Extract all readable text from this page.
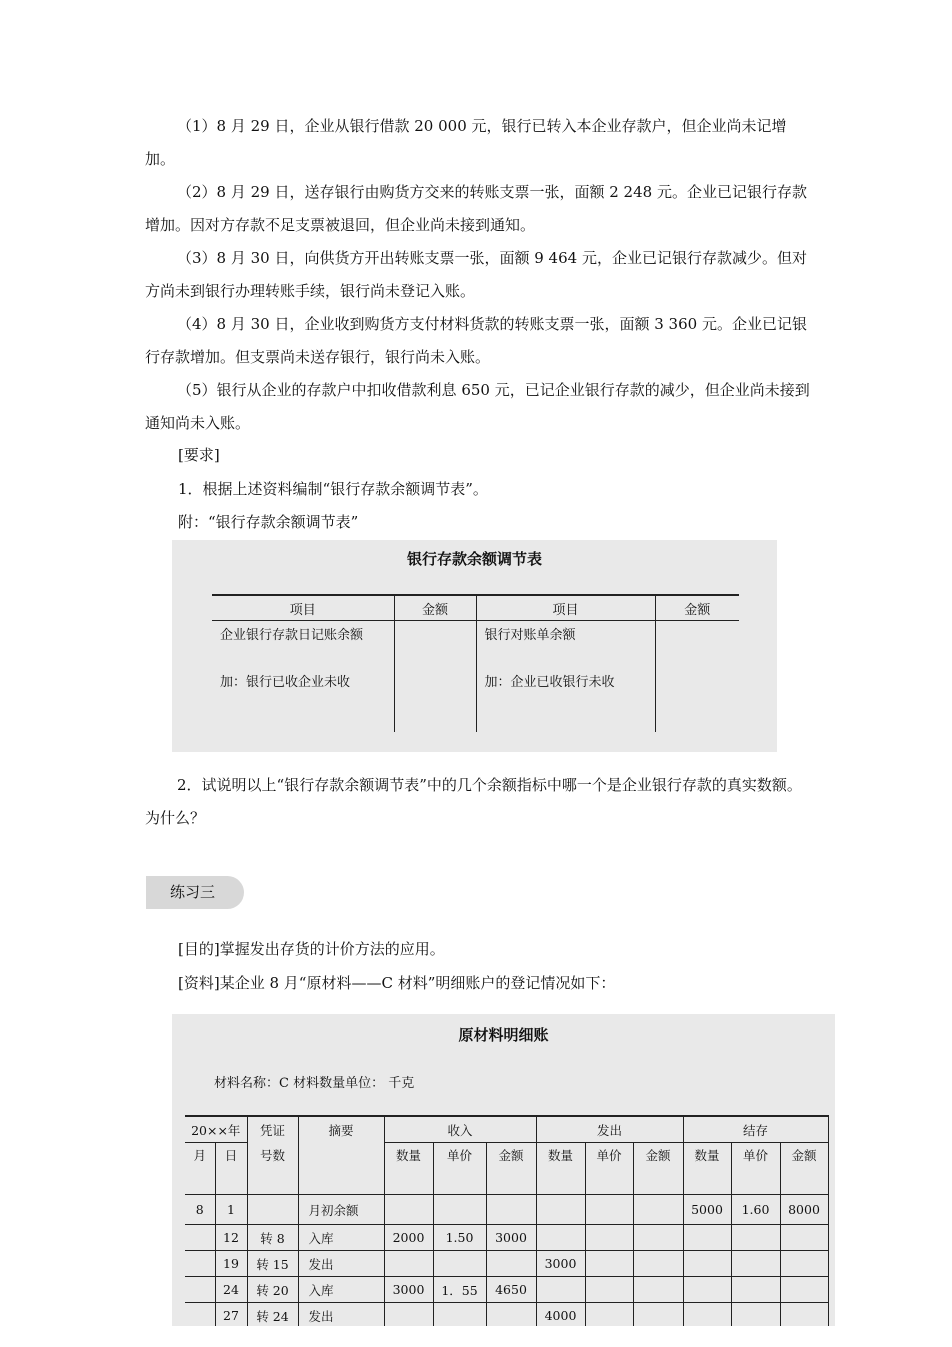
（1）8 月 29 日，企业从银行借款 20 000 元，银行已转入本企业存款户，但企业尚未记增加。
（2）8 月 29 日，送存银行由购货方交来的转账支票一张，面额 2 248 元。企业已记银行存款增加。因对方存款不足支票被退回，但企业尚未接到通知。
（3）8 月 30 日，向供货方开出转账支票一张，面额 9 464 元，企业已记银行存款减少。但对方尚未到银行办理转账手续，银行尚未登记入账。
（4）8 月 30 日，企业收到购货方支付材料货款的转账支票一张，面额 3 360 元。企业已记银行存款增加。但支票尚未送存银行，银行尚未入账。
（5）银行从企业的存款户中扣收借款利息 650 元，已记企业银行存款的减少，但企业尚未接到通知尚未入账。
[要求]
1．根据上述资料编制“银行存款余额调节表”。
附：“银行存款余额调节表”
银行存款余额调节表
项目	金额	项目	金额
企业银行存款日记账余额		银行对账单余额	
加：银行已收企业未收		加：企业已收银行未收	
2．试说明以上“银行存款余额调节表”中的几个余额指标中哪一个是企业银行存款的真实数额。为什么？
练习三
[目的]掌握发出存货的计价方法的应用。
[资料]某企业 8 月“原材料——C 材料”明细账户的登记情况如下：
原材料明细账
材料名称：C 材料数量单位： 千克
20××年		凭证	摘要	收入			发出			结存		
月	日	号数		数量	单价	金额	数量	单价	金额	数量	单价	金额
8	1		月初余额							5000	1.60	8000
	12	转 8	入库	2000	1.50	3000						
	19	转 15	发出				3000					
	24	转 20	入库	3000	1．55	4650						
	27	转 24	发出				4000					
